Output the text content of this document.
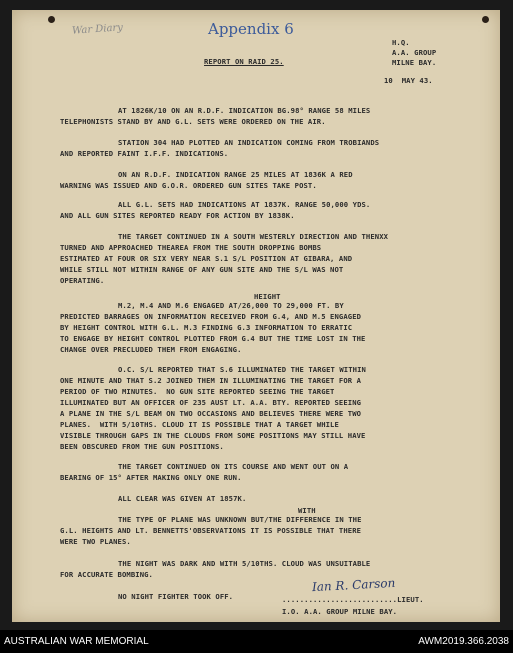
War Diary	Appendix 6
H.Q.
A.A. GROUP
MILNE BAY.
REPORT ON RAID 25.
10  MAY 43.
AT 1826K/10 ON AN R.D.F. INDICATION BG.98° RANGE 58 MILES
TELEPHONISTS STAND BY AND G.L. SETS WERE ORDERED ON THE AIR.
STATION 304 HAD PLOTTED AN INDICATION COMING FROM TROBIANDS
AND REPORTED FAINT I.F.F. INDICATIONS.
ON AN R.D.F. INDICATION RANGE 25 MILES AT 1836K A RED
WARNING WAS ISSUED AND G.O.R. ORDERED GUN SITES TAKE POST.
ALL G.L. SETS HAD INDICATIONS AT 1837K. RANGE 50,000 YDS.
AND ALL GUN SITES REPORTED READY FOR ACTION BY 1838K.
THE TARGET CONTINUED IN A SOUTH WESTERLY DIRECTION AND THENXX
TURNED AND APPROACHED THEAREA FROM THE SOUTH DROPPING BOMBS
ESTIMATED AT FOUR OR SIX VERY NEAR S.1 S/L POSITION AT GIBARA, AND
WHILE STILL NOT WITHIN RANGE OF ANY GUN SITE AND THE S/L WAS NOT
OPERATING.
HEIGHT
M.2, M.4 AND M.6 ENGAGED AT/26,000 TO 29,000 FT. BY
PREDICTED BARRAGES ON INFORMATION RECEIVED FROM G.4, AND M.5 ENGAGED
BY HEIGHT CONTROL WITH G.L. M.3 FINDING G.3 INFORMATION TO ERRATIC
TO ENGAGE BY HEIGHT CONTROL PLOTTED FROM G.4 BUT THE TIME LOST IN THE
CHANGE OVER PRECLUDED THEM FROM ENGAGING.
O.C. S/L REPORTED THAT S.6 ILLUMINATED THE TARGET WITHIN
ONE MINUTE AND THAT S.2 JOINED THEM IN ILLUMINATING THE TARGET FOR A
PERIOD OF TWO MINUTES.  NO GUN SITE REPORTED SEEING THE TARGET
ILLUMINATED BUT AN OFFICER OF 235 AUST LT. A.A. BTY. REPORTED SEEING
A PLANE IN THE S/L BEAM ON TWO OCCASIONS AND BELIEVES THERE WERE TWO
PLANES.  WITH 5/10THS. CLOUD IT IS POSSIBLE THAT A TARGET WHILE
VISIBLE THROUGH GAPS IN THE CLOUDS FROM SOME POSITIONS MAY STILL HAVE
BEEN OBSCURED FROM THE GUN POSITIONS.
THE TARGET CONTINUED ON ITS COURSE AND WENT OUT ON A
BEARING OF 15° AFTER MAKING ONLY ONE RUN.
ALL CLEAR WAS GIVEN AT 1857K.
WITH
THE TYPE OF PLANE WAS UNKNOWN BUT/THE DIFFERENCE IN THE
G.L. HEIGHTS AND LT. BENNETTS'OBSERVATIONS IT IS POSSIBLE THAT THERE
WERE TWO PLANES.
THE NIGHT WAS DARK AND WITH 5/10THS. CLOUD WAS UNSUITABLE
FOR ACCURATE BOMBING.
NO NIGHT FIGHTER TOOK OFF.
Ian R. Carson
..........................LIEUT.
I.O. A.A. GROUP MILNE BAY.
AUSTRALIAN WAR MEMORIAL	AWM2019.366.2038
